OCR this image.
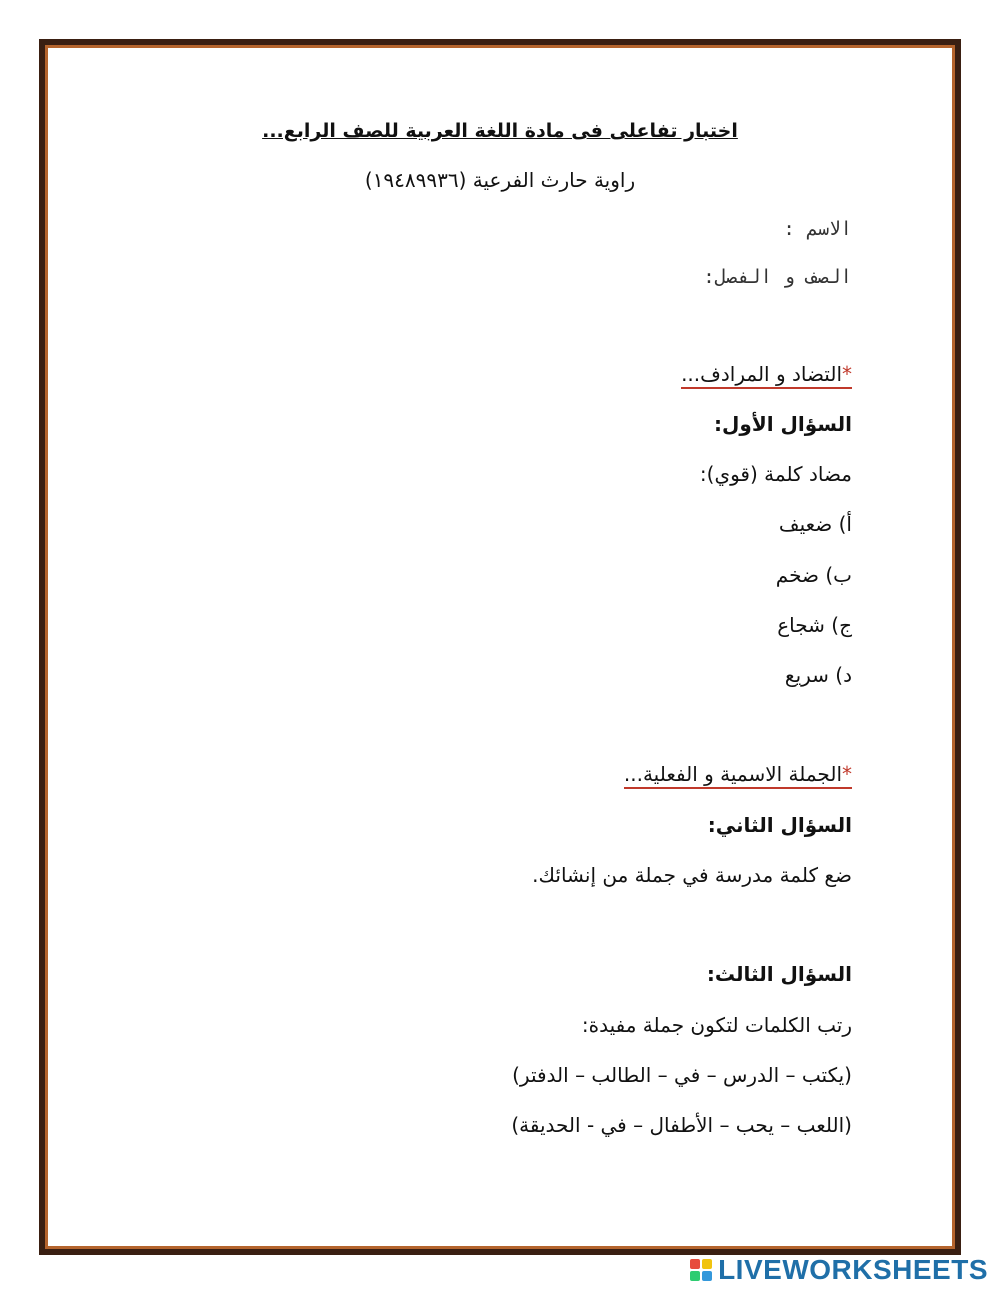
اختبار تفاعلى فى مادة اللغة العربية للصف الرابع...
راوية حارث الفرعية (١٩٤٨٩٩٣٦)
الاسم :
الصف و الفصل:
*التضاد و المرادف...
السؤال الأول:
مضاد كلمة (قوي):
أ) ضعيف
ب) ضخم
ج) شجاع
د) سريع
*الجملة الاسمية و الفعلية...
السؤال الثاني:
ضع كلمة مدرسة في جملة من إنشائك.
السؤال الثالث:
رتب الكلمات لتكون جملة مفيدة:
(يكتب – الدرس – في – الطالب – الدفتر)
(اللعب – يحب – الأطفال – في - الحديقة)
LIVEWORKSHEETS
